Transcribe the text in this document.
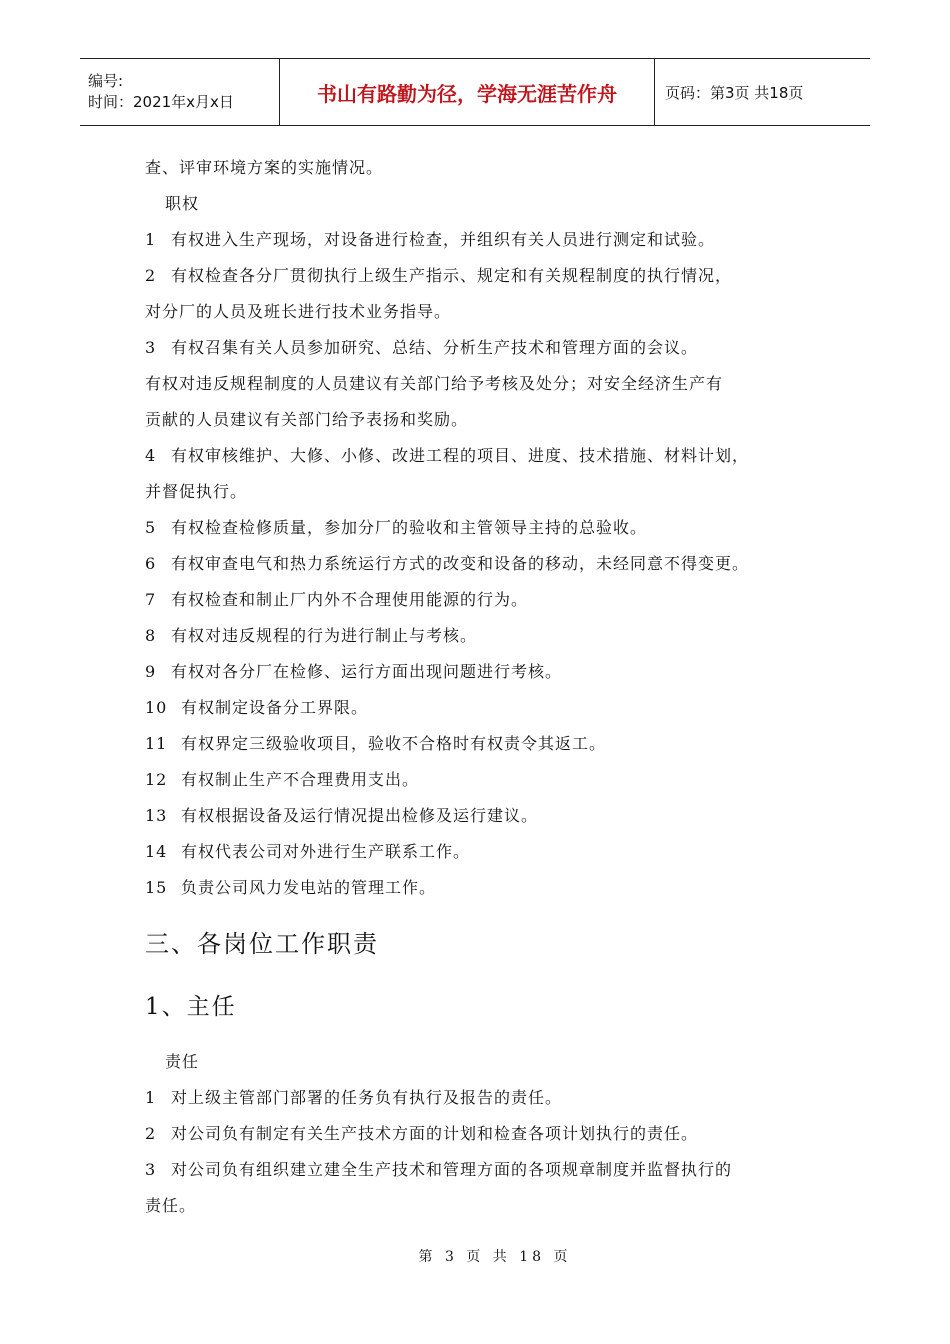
编号:
时间：2021年x月x日	书山有路勤为径，学海无涯苦作舟	页码：第3页 共18页
查、评审环境方案的实施情况。
职权
1 有权进入生产现场，对设备进行检查，并组织有关人员进行测定和试验。
2 有权检查各分厂贯彻执行上级生产指示、规定和有关规程制度的执行情况，
对分厂的人员及班长进行技术业务指导。
3 有权召集有关人员参加研究、总结、分析生产技术和管理方面的会议。
有权对违反规程制度的人员建议有关部门给予考核及处分；对安全经济生产有
贡献的人员建议有关部门给予表扬和奖励。
4 有权审核维护、大修、小修、改进工程的项目、进度、技术措施、材料计划，
并督促执行。
5 有权检查检修质量，参加分厂的验收和主管领导主持的总验收。
6 有权审查电气和热力系统运行方式的改变和设备的移动，未经同意不得变更。
7 有权检查和制止厂内外不合理使用能源的行为。
8 有权对违反规程的行为进行制止与考核。
9 有权对各分厂在检修、运行方面出现问题进行考核。
10 有权制定设备分工界限。
11 有权界定三级验收项目，验收不合格时有权责令其返工。
12 有权制止生产不合理费用支出。
13 有权根据设备及运行情况提出检修及运行建议。
14 有权代表公司对外进行生产联系工作。
15 负责公司风力发电站的管理工作。
三、各岗位工作职责
1、主任
责任
1 对上级主管部门部署的任务负有执行及报告的责任。
2 对公司负有制定有关生产技术方面的计划和检查各项计划执行的责任。
3 对公司负有组织建立建全生产技术和管理方面的各项规章制度并监督执行的
责任。
第 3 页 共 18 页
